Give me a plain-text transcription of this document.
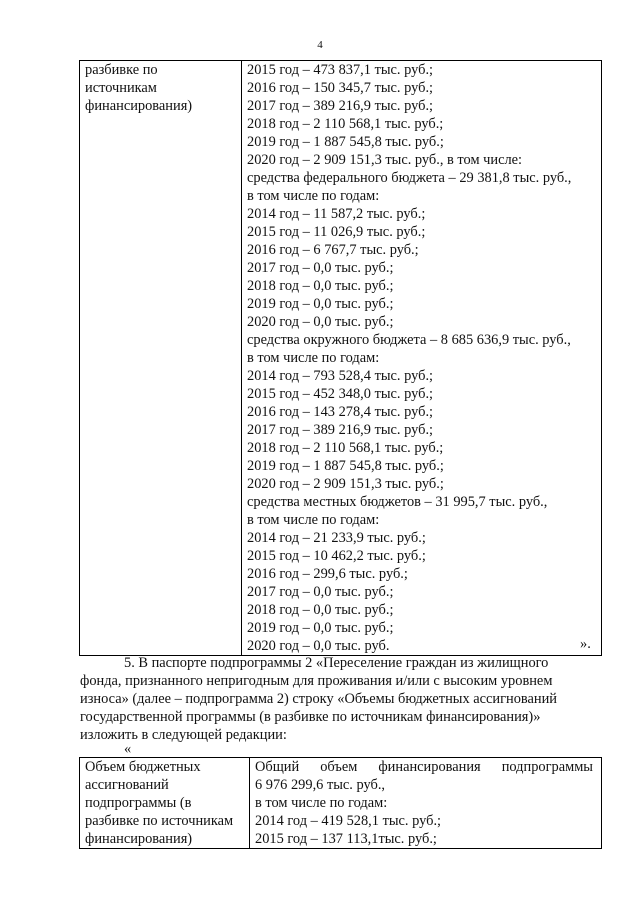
4
разбивке по
источникам
финансирования)

2015 год – 473 837,1 тыс. руб.;
2016 год – 150 345,7 тыс. руб.;
2017 год – 389 216,9 тыс. руб.;
2018 год – 2 110 568,1 тыс. руб.;
2019 год – 1 887 545,8 тыс. руб.;
2020 год – 2 909 151,3 тыс. руб., в том числе:
средства федерального бюджета – 29 381,8 тыс. руб.,
в том числе по годам:
2014 год – 11 587,2 тыс. руб.;
2015 год – 11 026,9 тыс. руб.;
2016 год – 6 767,7 тыс. руб.;
2017 год – 0,0 тыс. руб.;
2018 год – 0,0 тыс. руб.;
2019 год – 0,0 тыс. руб.;
2020 год – 0,0 тыс. руб.;
средства окружного бюджета – 8 685 636,9 тыс. руб.,
в том числе по годам:
2014 год – 793 528,4 тыс. руб.;
2015 год – 452 348,0 тыс. руб.;
2016 год – 143 278,4 тыс. руб.;
2017 год – 389 216,9 тыс. руб.;
2018 год – 2 110 568,1 тыс. руб.;
2019 год – 1 887 545,8 тыс. руб.;
2020 год – 2 909 151,3 тыс. руб.;
средства местных бюджетов – 31 995,7 тыс. руб.,
в том числе по годам:
2014 год – 21 233,9 тыс. руб.;
2015 год – 10 462,2 тыс. руб.;
2016 год – 299,6 тыс. руб.;
2017 год – 0,0 тыс. руб.;
2018 год – 0,0 тыс. руб.;
2019 год – 0,0 тыс. руб.;
2020 год – 0,0 тыс. руб.	».
5. В паспорте подпрограммы 2 «Переселение граждан из жилищного
фонда, признанного непригодным для проживания и/или с высоким уровнем
износа» (далее – подпрограмма 2) строку «Объемы бюджетных ассигнований
государственной программы (в разбивке по источникам финансирования)»
изложить в следующей редакции:
«
Объем бюджетных
ассигнований
подпрограммы (в
разбивке по источникам
финансирования)

Общий объем финансирования подпрограммы
6 976 299,6 тыс. руб.,
в том числе по годам:
2014 год – 419 528,1 тыс. руб.;
2015 год – 137 113,1тыс. руб.;
